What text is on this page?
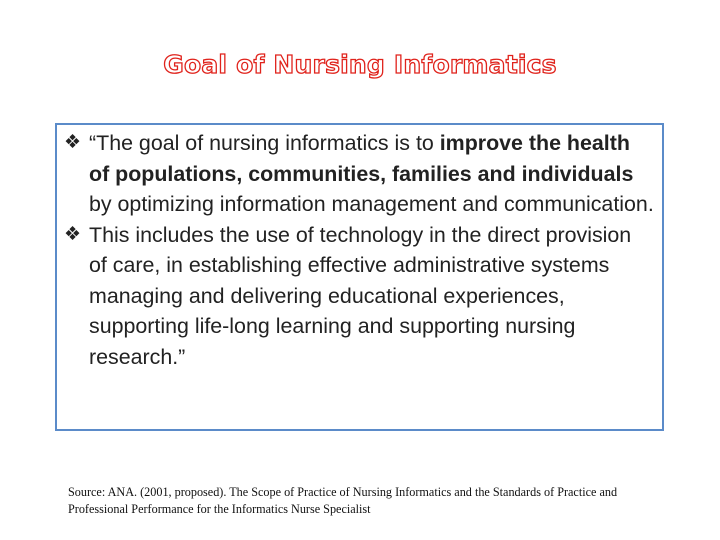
Goal of Nursing Informatics
❖ “The goal of nursing informatics is to improve the health of populations, communities, families and individuals by optimizing information management and communication.
❖ This includes the use of technology in the direct provision of care, in establishing effective administrative systems managing and delivering educational experiences, supporting life-long learning and supporting nursing research.”
Source: ANA. (2001, proposed). The Scope of Practice of Nursing Informatics and the Standards of Practice and Professional Performance for the Informatics Nurse Specialist
